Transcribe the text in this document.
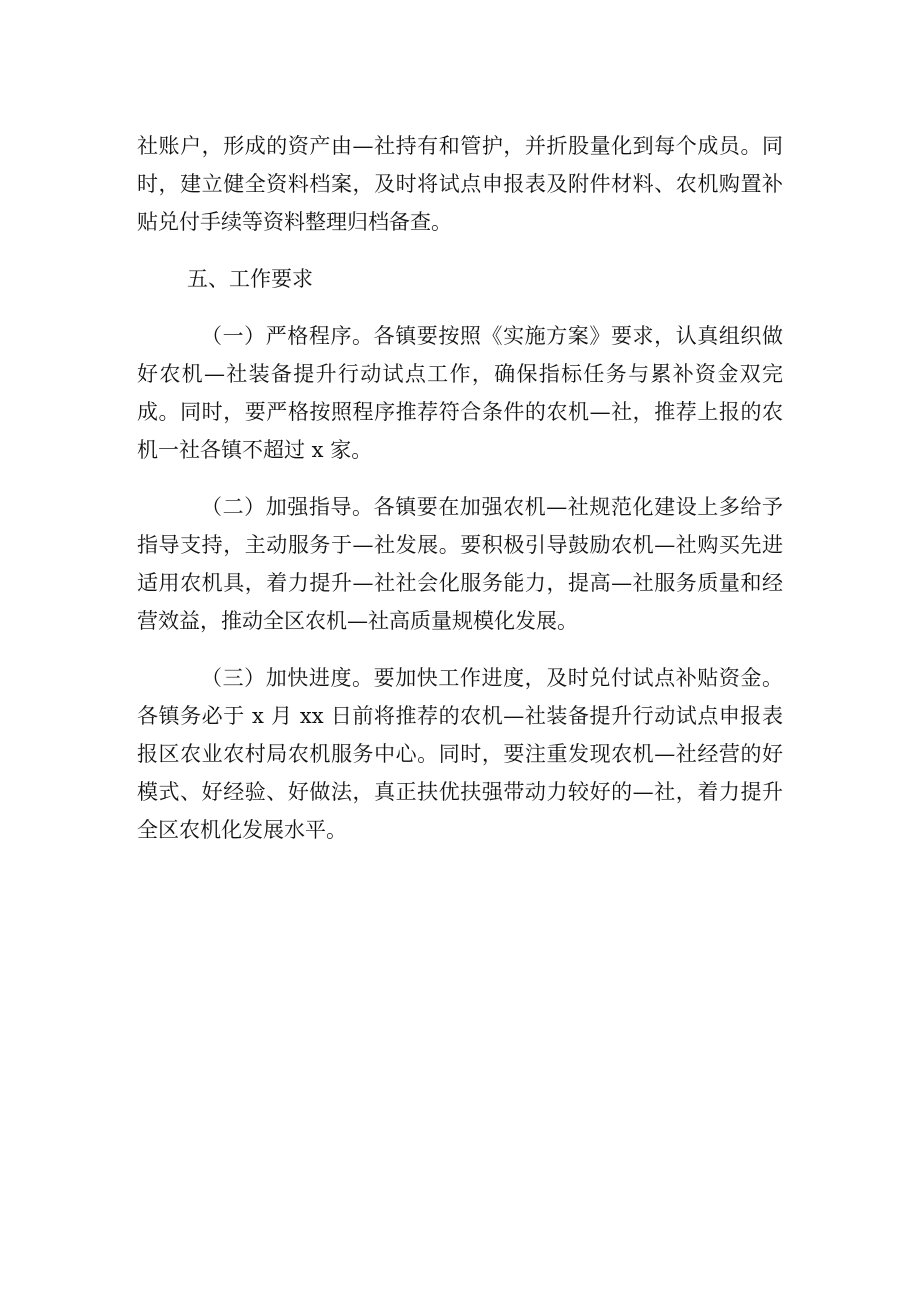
社账户，形成的资产由—社持有和管护，并折股量化到每个成员。同时，建立健全资料档案，及时将试点申报表及附件材料、农机购置补贴兑付手续等资料整理归档备查。

五、工作要求

（一）严格程序。各镇要按照《实施方案》要求，认真组织做好农机—社装备提升行动试点工作，确保指标任务与累补资金双完成。同时，要严格按照程序推荐符合条件的农机—社，推荐上报的农机一社各镇不超过 x 家。

（二）加强指导。各镇要在加强农机—社规范化建设上多给予指导支持，主动服务于—社发展。要积极引导鼓励农机—社购买先进适用农机具，着力提升—社社会化服务能力，提高—社服务质量和经营效益，推动全区农机—社高质量规模化发展。

（三）加快进度。要加快工作进度，及时兑付试点补贴资金。各镇务必于 x 月 xx 日前将推荐的农机—社装备提升行动试点申报表报区农业农村局农机服务中心。同时，要注重发现农机—社经营的好模式、好经验、好做法，真正扶优扶强带动力较好的—社，着力提升全区农机化发展水平。
